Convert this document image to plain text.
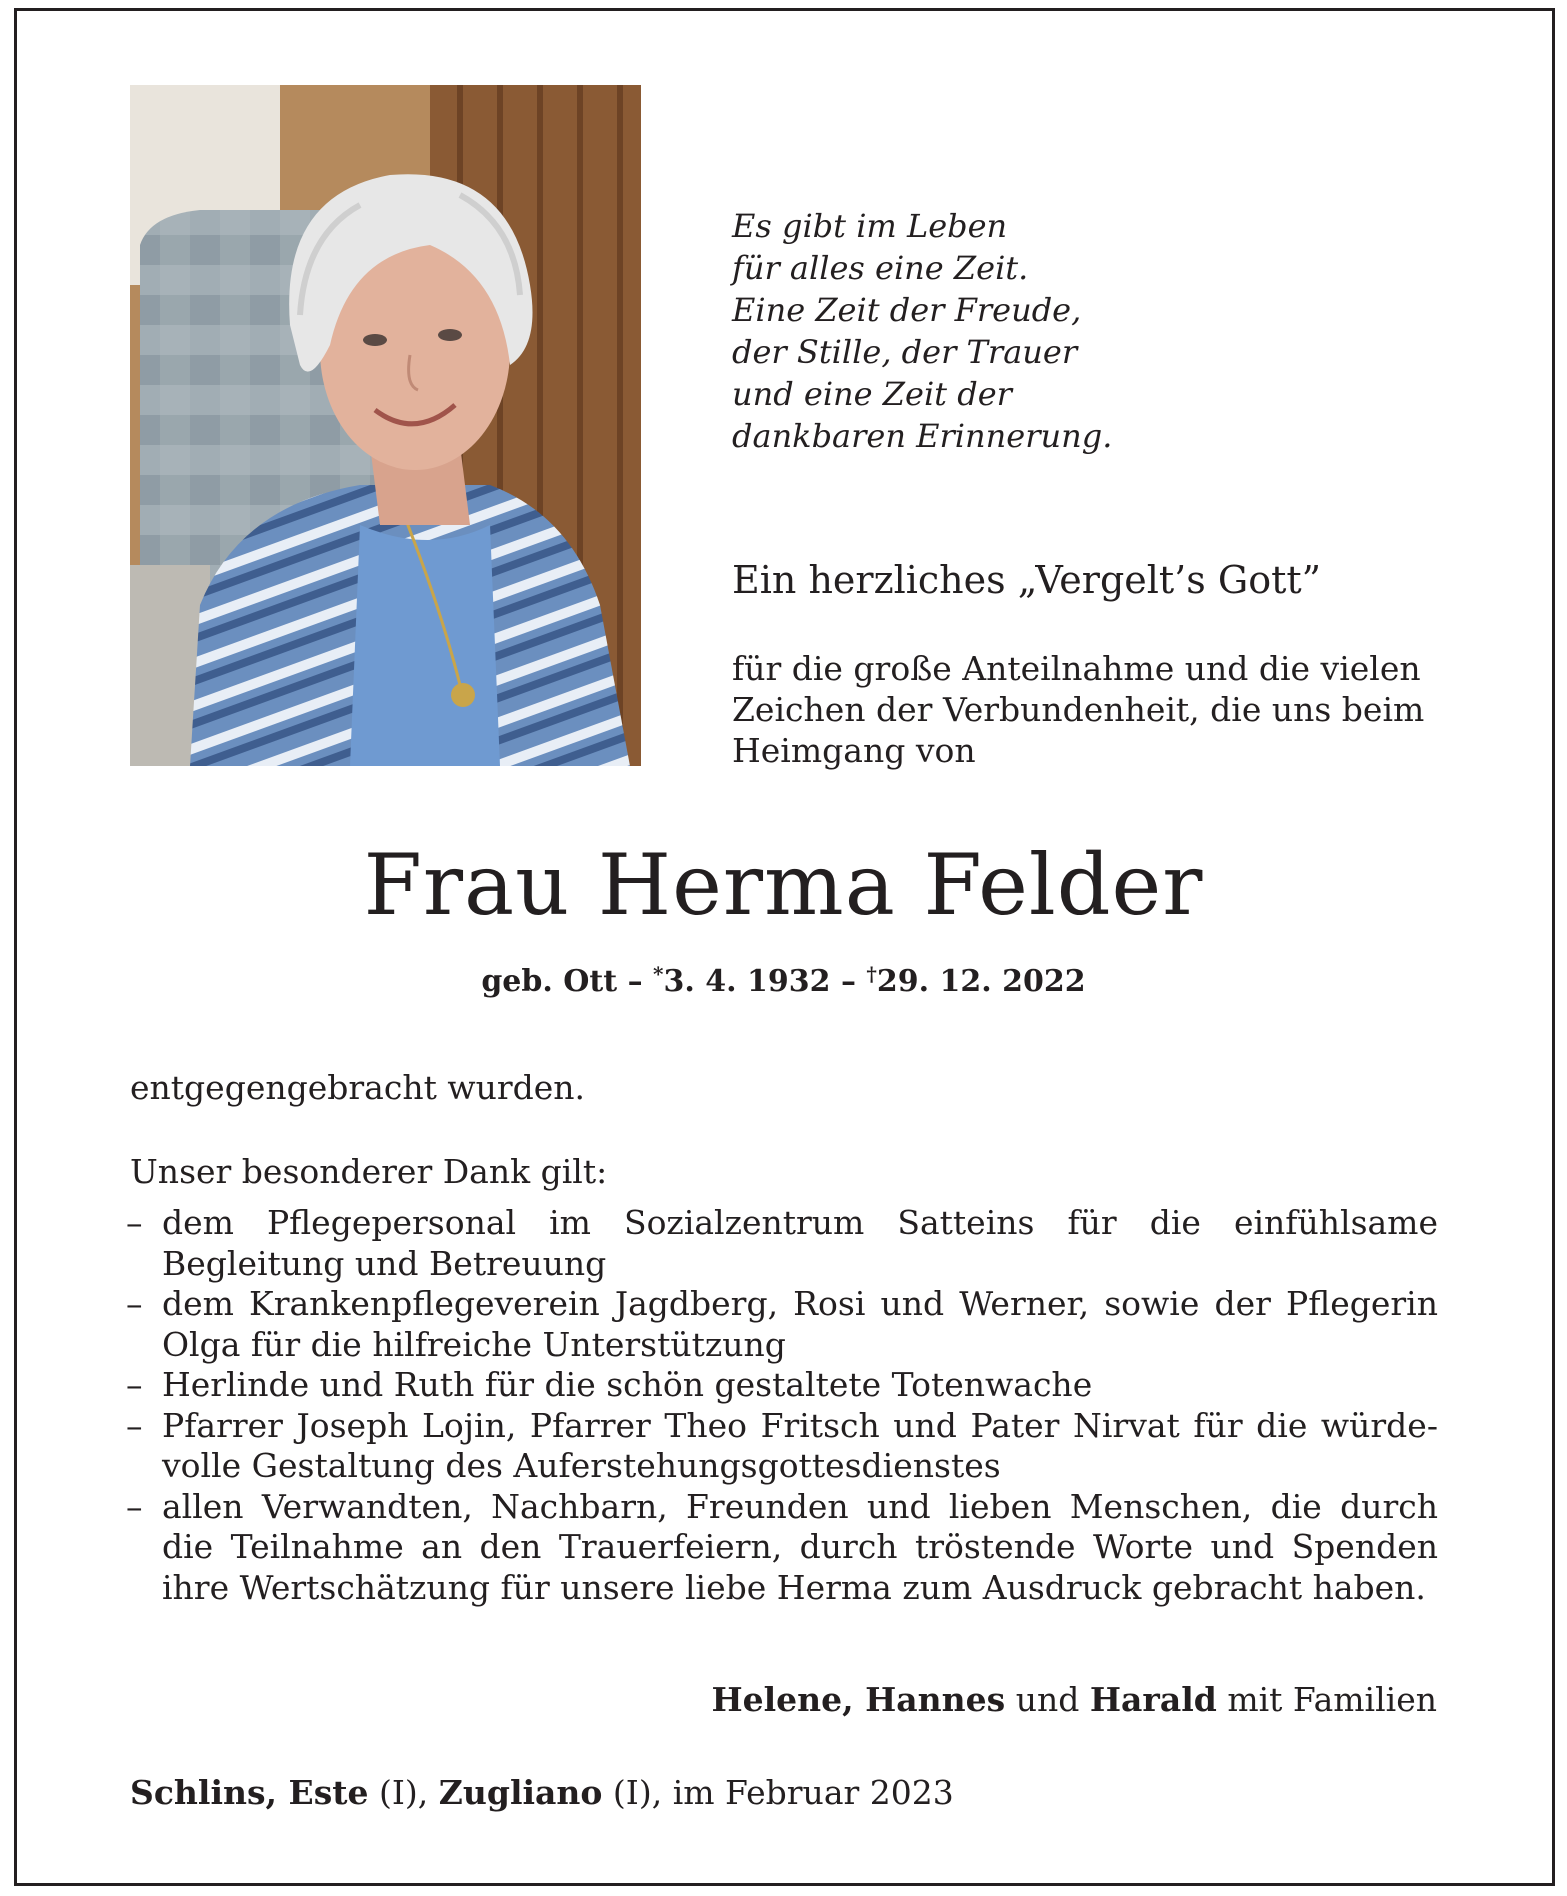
Es gibt im Leben
für alles eine Zeit.
Eine Zeit der Freude,
der Stille, der Trauer
und eine Zeit der
dankbaren Erinnerung.
Ein herzliches „Vergelt’s Gott”
für die große Anteilnahme und die vielen
Zeichen der Verbundenheit, die uns beim
Heimgang von
Frau Herma Felder
geb. Ott – *3. 4. 1932 – †29. 12. 2022
entgegengebracht wurden.
Unser besonderer Dank gilt:
– dem Pflegepersonal im Sozialzentrum Satteins für die einfühlsame
Begleitung und Betreuung
– dem Krankenpflegeverein Jagdberg, Rosi und Werner, sowie der Pflegerin
Olga für die hilfreiche Unterstützung
– Herlinde und Ruth für die schön gestaltete Totenwache
– Pfarrer Joseph Lojin, Pfarrer Theo Fritsch und Pater Nirvat für die würde-
volle Gestaltung des Auferstehungsgottesdienstes
– allen Verwandten, Nachbarn, Freunden und lieben Menschen, die durch
die Teilnahme an den Trauerfeiern, durch tröstende Worte und Spenden
ihre Wertschätzung für unsere liebe Herma zum Ausdruck gebracht haben.
Helene, Hannes und Harald mit Familien
Schlins, Este (I), Zugliano (I), im Februar 2023
